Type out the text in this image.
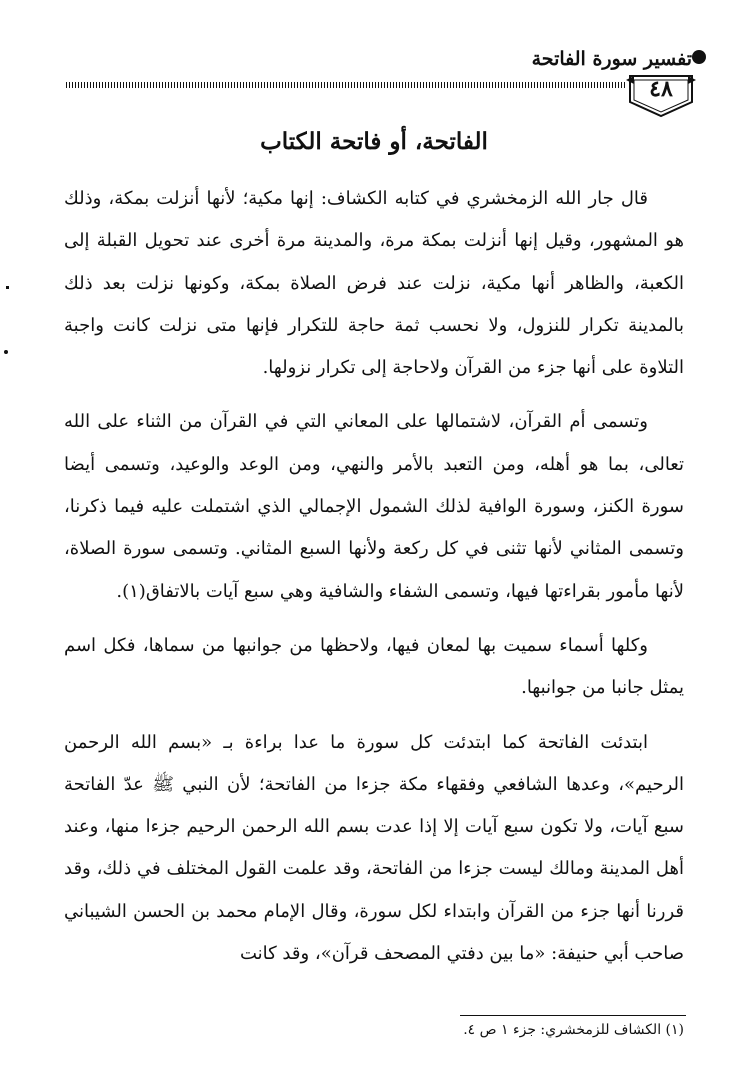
تفسير سورة الفاتحة
٤٨
الفاتحة، أو فاتحة الكتاب

قال جار الله الزمخشري في كتابه الكشاف: إنها مكية؛ لأنها أنزلت بمكة، وذلك هو المشهور، وقيل إنها أنزلت بمكة مرة، والمدينة مرة أخرى عند تحويل القبلة إلى الكعبة، والظاهر أنها مكية، نزلت عند فرض الصلاة بمكة، وكونها نزلت بعد ذلك بالمدينة تكرار للنزول، ولا نحسب ثمة حاجة للتكرار فإنها متى نزلت كانت واجبة التلاوة على أنها جزء من القرآن ولاحاجة إلى تكرار نزولها.

وتسمى أم القرآن، لاشتمالها على المعاني التي في القرآن من الثناء على الله تعالى، بما هو أهله، ومن التعبد بالأمر والنهي، ومن الوعد والوعيد، وتسمى أيضا سورة الكنز، وسورة الوافية لذلك الشمول الإجمالي الذي اشتملت عليه فيما ذكرنا، وتسمى المثاني لأنها تثنى في كل ركعة ولأنها السبع المثاني. وتسمى سورة الصلاة، لأنها مأمور بقراءتها فيها، وتسمى الشفاء والشافية وهي سبع آيات بالاتفاق(١).

وكلها أسماء سميت بها لمعان فيها، ولاحظها من جوانبها من سماها، فكل اسم يمثل جانبا من جوانبها.

ابتدئت الفاتحة كما ابتدئت كل سورة ما عدا براءة بـ «بسم الله الرحمن الرحيم»، وعدها الشافعي وفقهاء مكة جزءا من الفاتحة؛ لأن النبي ﷺ عدّ الفاتحة سبع آيات، ولا تكون سبع آيات إلا إذا عدت بسم الله الرحمن الرحيم جزءا منها، وعند أهل المدينة ومالك ليست جزءا من الفاتحة، وقد علمت القول المختلف في ذلك، وقد قررنا أنها جزء من القرآن وابتداء لكل سورة، وقال الإمام محمد بن الحسن الشيباني صاحب أبي حنيفة: «ما بين دفتي المصحف قرآن»، وقد كانت

(١) الكشاف للزمخشري: جزء ١ ص ٤.
